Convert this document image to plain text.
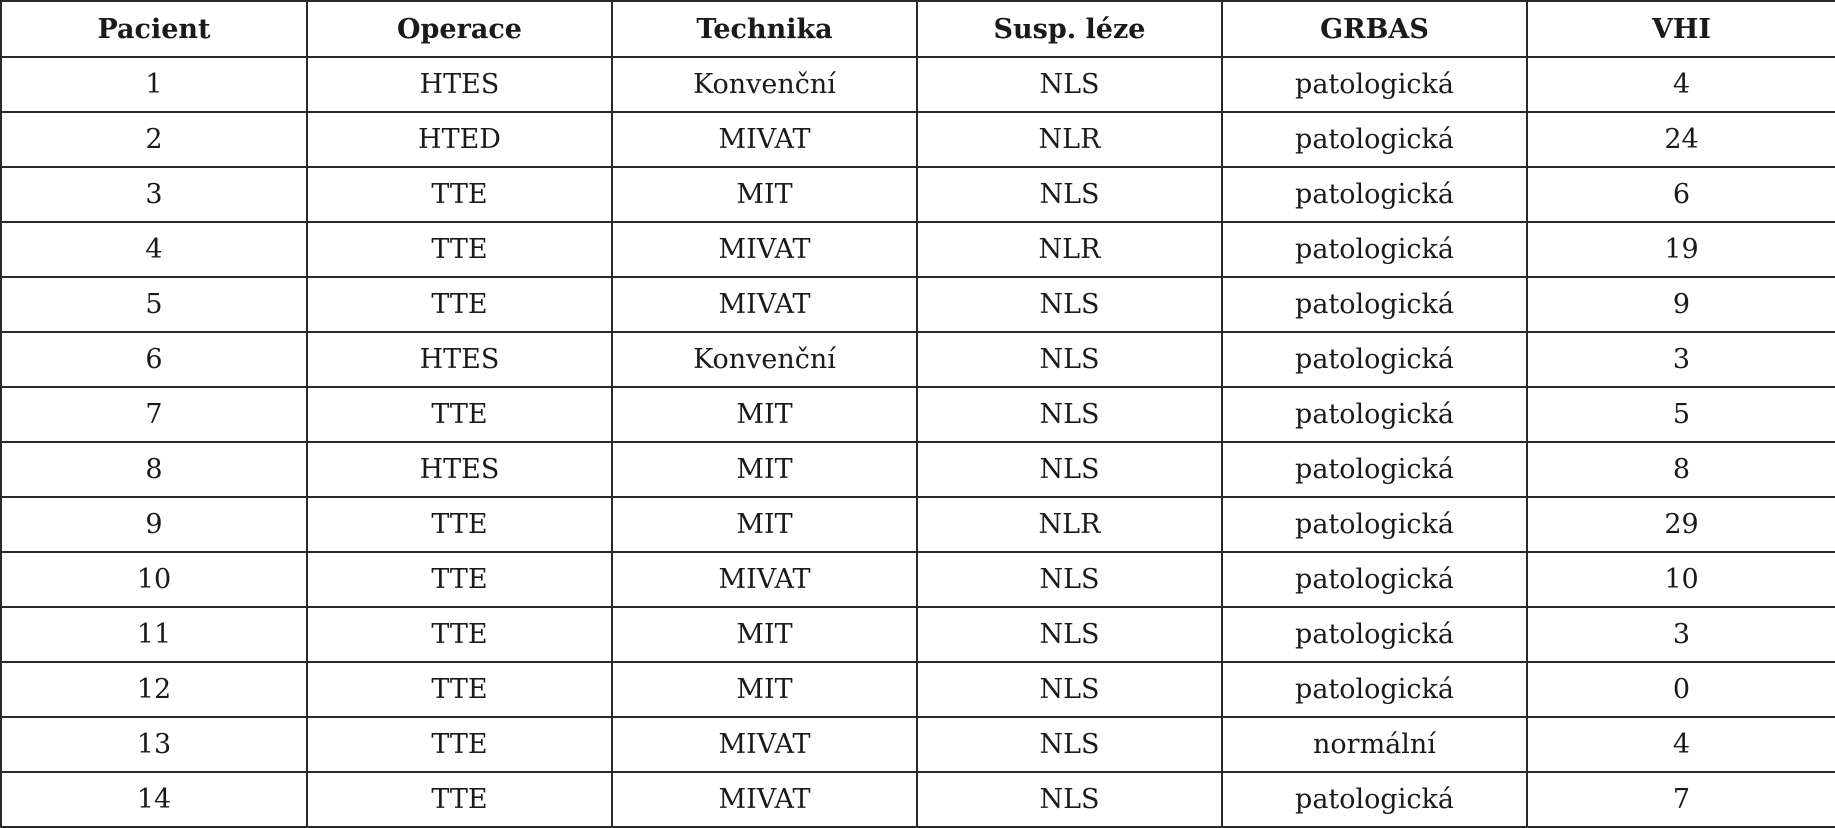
Pacient	Operace	Technika	Susp. léze	GRBAS	VHI
1	HTES	Konvenční	NLS	patologická	4
2	HTED	MIVAT	NLR	patologická	24
3	TTE	MIT	NLS	patologická	6
4	TTE	MIVAT	NLR	patologická	19
5	TTE	MIVAT	NLS	patologická	9
6	HTES	Konvenční	NLS	patologická	3
7	TTE	MIT	NLS	patologická	5
8	HTES	MIT	NLS	patologická	8
9	TTE	MIT	NLR	patologická	29
10	TTE	MIVAT	NLS	patologická	10
11	TTE	MIT	NLS	patologická	3
12	TTE	MIT	NLS	patologická	0
13	TTE	MIVAT	NLS	normální	4
14	TTE	MIVAT	NLS	patologická	7
